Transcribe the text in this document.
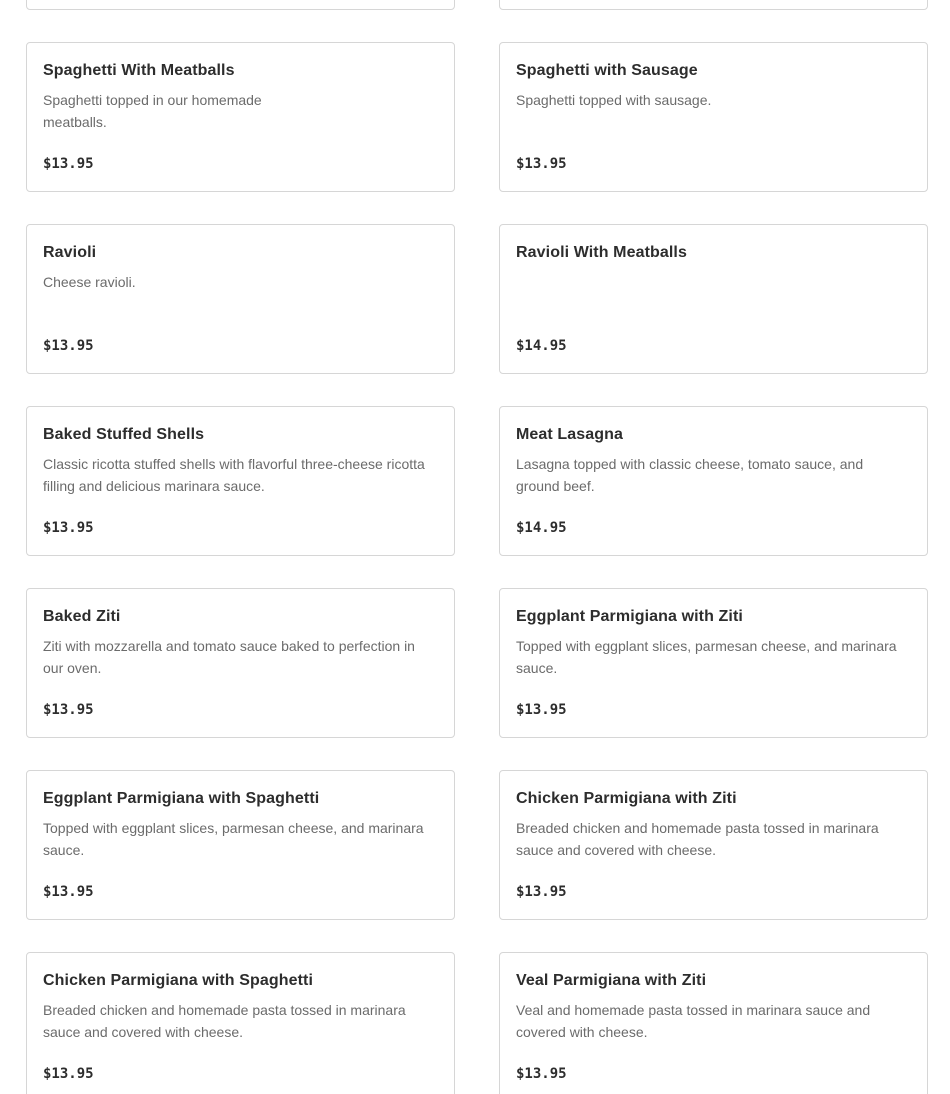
Spaghetti With Meatballs
Spaghetti topped in our homemade meatballs.
$13.95
Spaghetti with Sausage
Spaghetti topped with sausage.
$13.95
Ravioli
Cheese ravioli.
$13.95
Ravioli With Meatballs
$14.95
Baked Stuffed Shells
Classic ricotta stuffed shells with flavorful three-cheese ricotta filling and delicious marinara sauce.
$13.95
Meat Lasagna
Lasagna topped with classic cheese, tomato sauce, and ground beef.
$14.95
Baked Ziti
Ziti with mozzarella and tomato sauce baked to perfection in our oven.
$13.95
Eggplant Parmigiana with Ziti
Topped with eggplant slices, parmesan cheese, and marinara sauce.
$13.95
Eggplant Parmigiana with Spaghetti
Topped with eggplant slices, parmesan cheese, and marinara sauce.
$13.95
Chicken Parmigiana with Ziti
Breaded chicken and homemade pasta tossed in marinara sauce and covered with cheese.
$13.95
Chicken Parmigiana with Spaghetti
Breaded chicken and homemade pasta tossed in marinara sauce and covered with cheese.
$13.95
Veal Parmigiana with Ziti
Veal and homemade pasta tossed in marinara sauce and covered with cheese.
$13.95
